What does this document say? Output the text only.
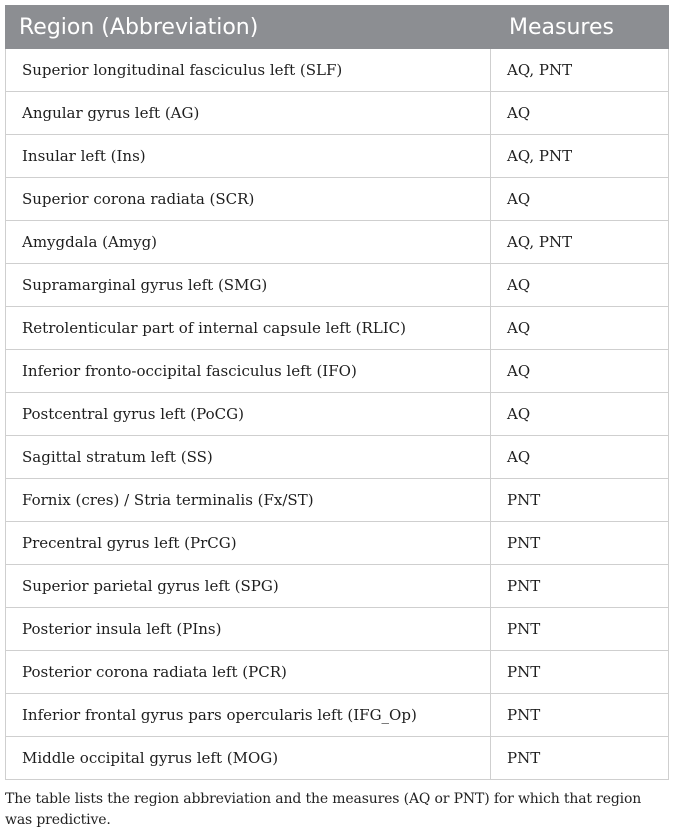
Region (Abbreviation)	Measures
Superior longitudinal fasciculus left (SLF)	AQ, PNT
Angular gyrus left (AG)	AQ
Insular left (Ins)	AQ, PNT
Superior corona radiata (SCR)	AQ
Amygdala (Amyg)	AQ, PNT
Supramarginal gyrus left (SMG)	AQ
Retrolenticular part of internal capsule left (RLIC)	AQ
Inferior fronto-occipital fasciculus left (IFO)	AQ
Postcentral gyrus left (PoCG)	AQ
Sagittal stratum left (SS)	AQ
Fornix (cres) / Stria terminalis (Fx/ST)	PNT
Precentral gyrus left (PrCG)	PNT
Superior parietal gyrus left (SPG)	PNT
Posterior insula left (PIns)	PNT
Posterior corona radiata left (PCR)	PNT
Inferior frontal gyrus pars opercularis left (IFG_Op)	PNT
Middle occipital gyrus left (MOG)	PNT
The table lists the region abbreviation and the measures (AQ or PNT) for which that region was predictive.
